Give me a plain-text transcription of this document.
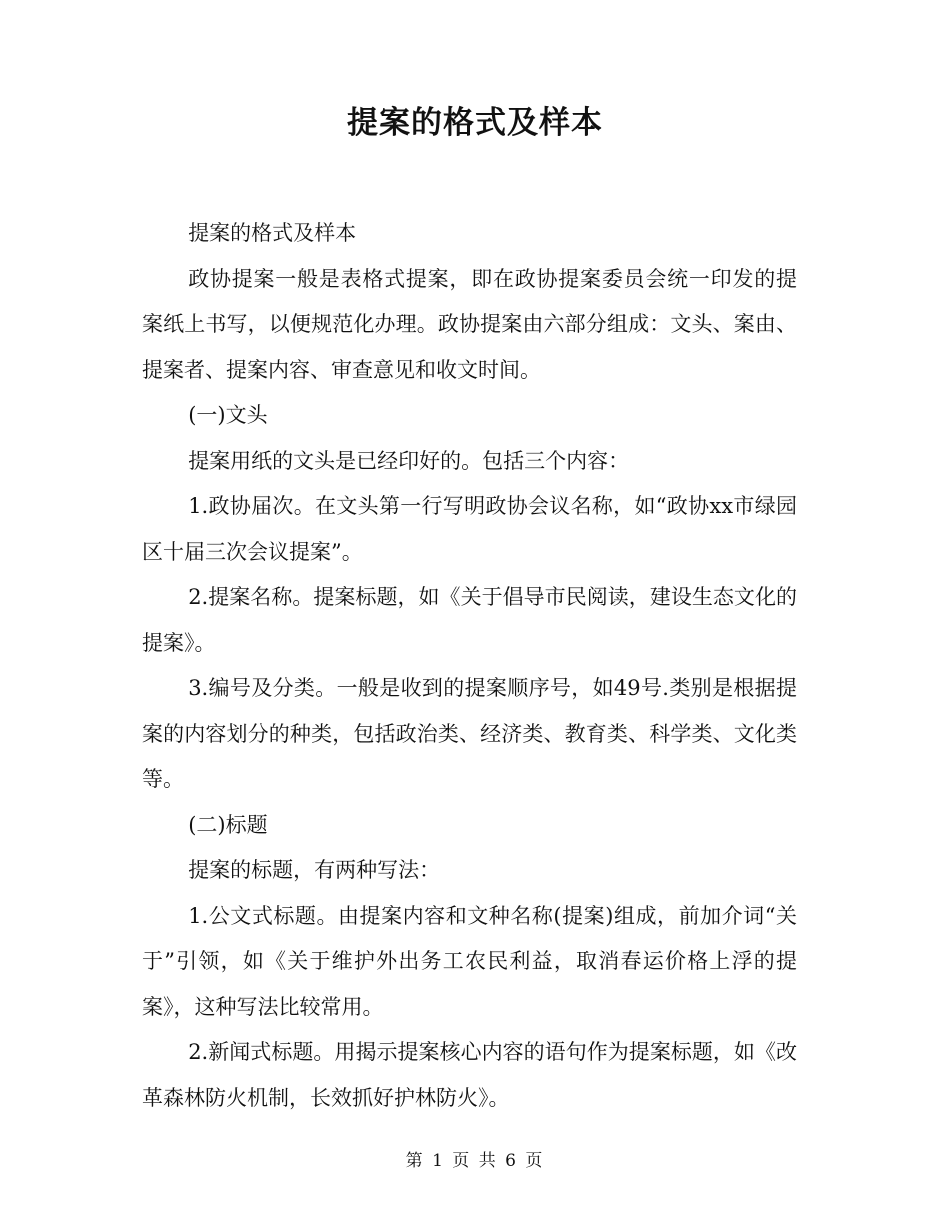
提案的格式及样本

提案的格式及样本

政协提案一般是表格式提案，即在政协提案委员会统一印发的提案纸上书写，以便规范化办理。政协提案由六部分组成：文头、案由、提案者、提案内容、审查意见和收文时间。

(一)文头

提案用纸的文头是已经印好的。包括三个内容：

1.政协届次。在文头第一行写明政协会议名称，如“政协xx市绿园区十届三次会议提案”。

2.提案名称。提案标题，如《关于倡导市民阅读，建设生态文化的提案》。

3.编号及分类。一般是收到的提案顺序号，如49号.类别是根据提案的内容划分的种类，包括政治类、经济类、教育类、科学类、文化类等。

(二)标题

提案的标题，有两种写法：

1.公文式标题。由提案内容和文种名称(提案)组成，前加介词“关于”引领，如《关于维护外出务工农民利益，取消春运价格上浮的提案》，这种写法比较常用。

2.新闻式标题。用揭示提案核心内容的语句作为提案标题，如《改革森林防火机制，长效抓好护林防火》。

第 1 页 共 6 页
